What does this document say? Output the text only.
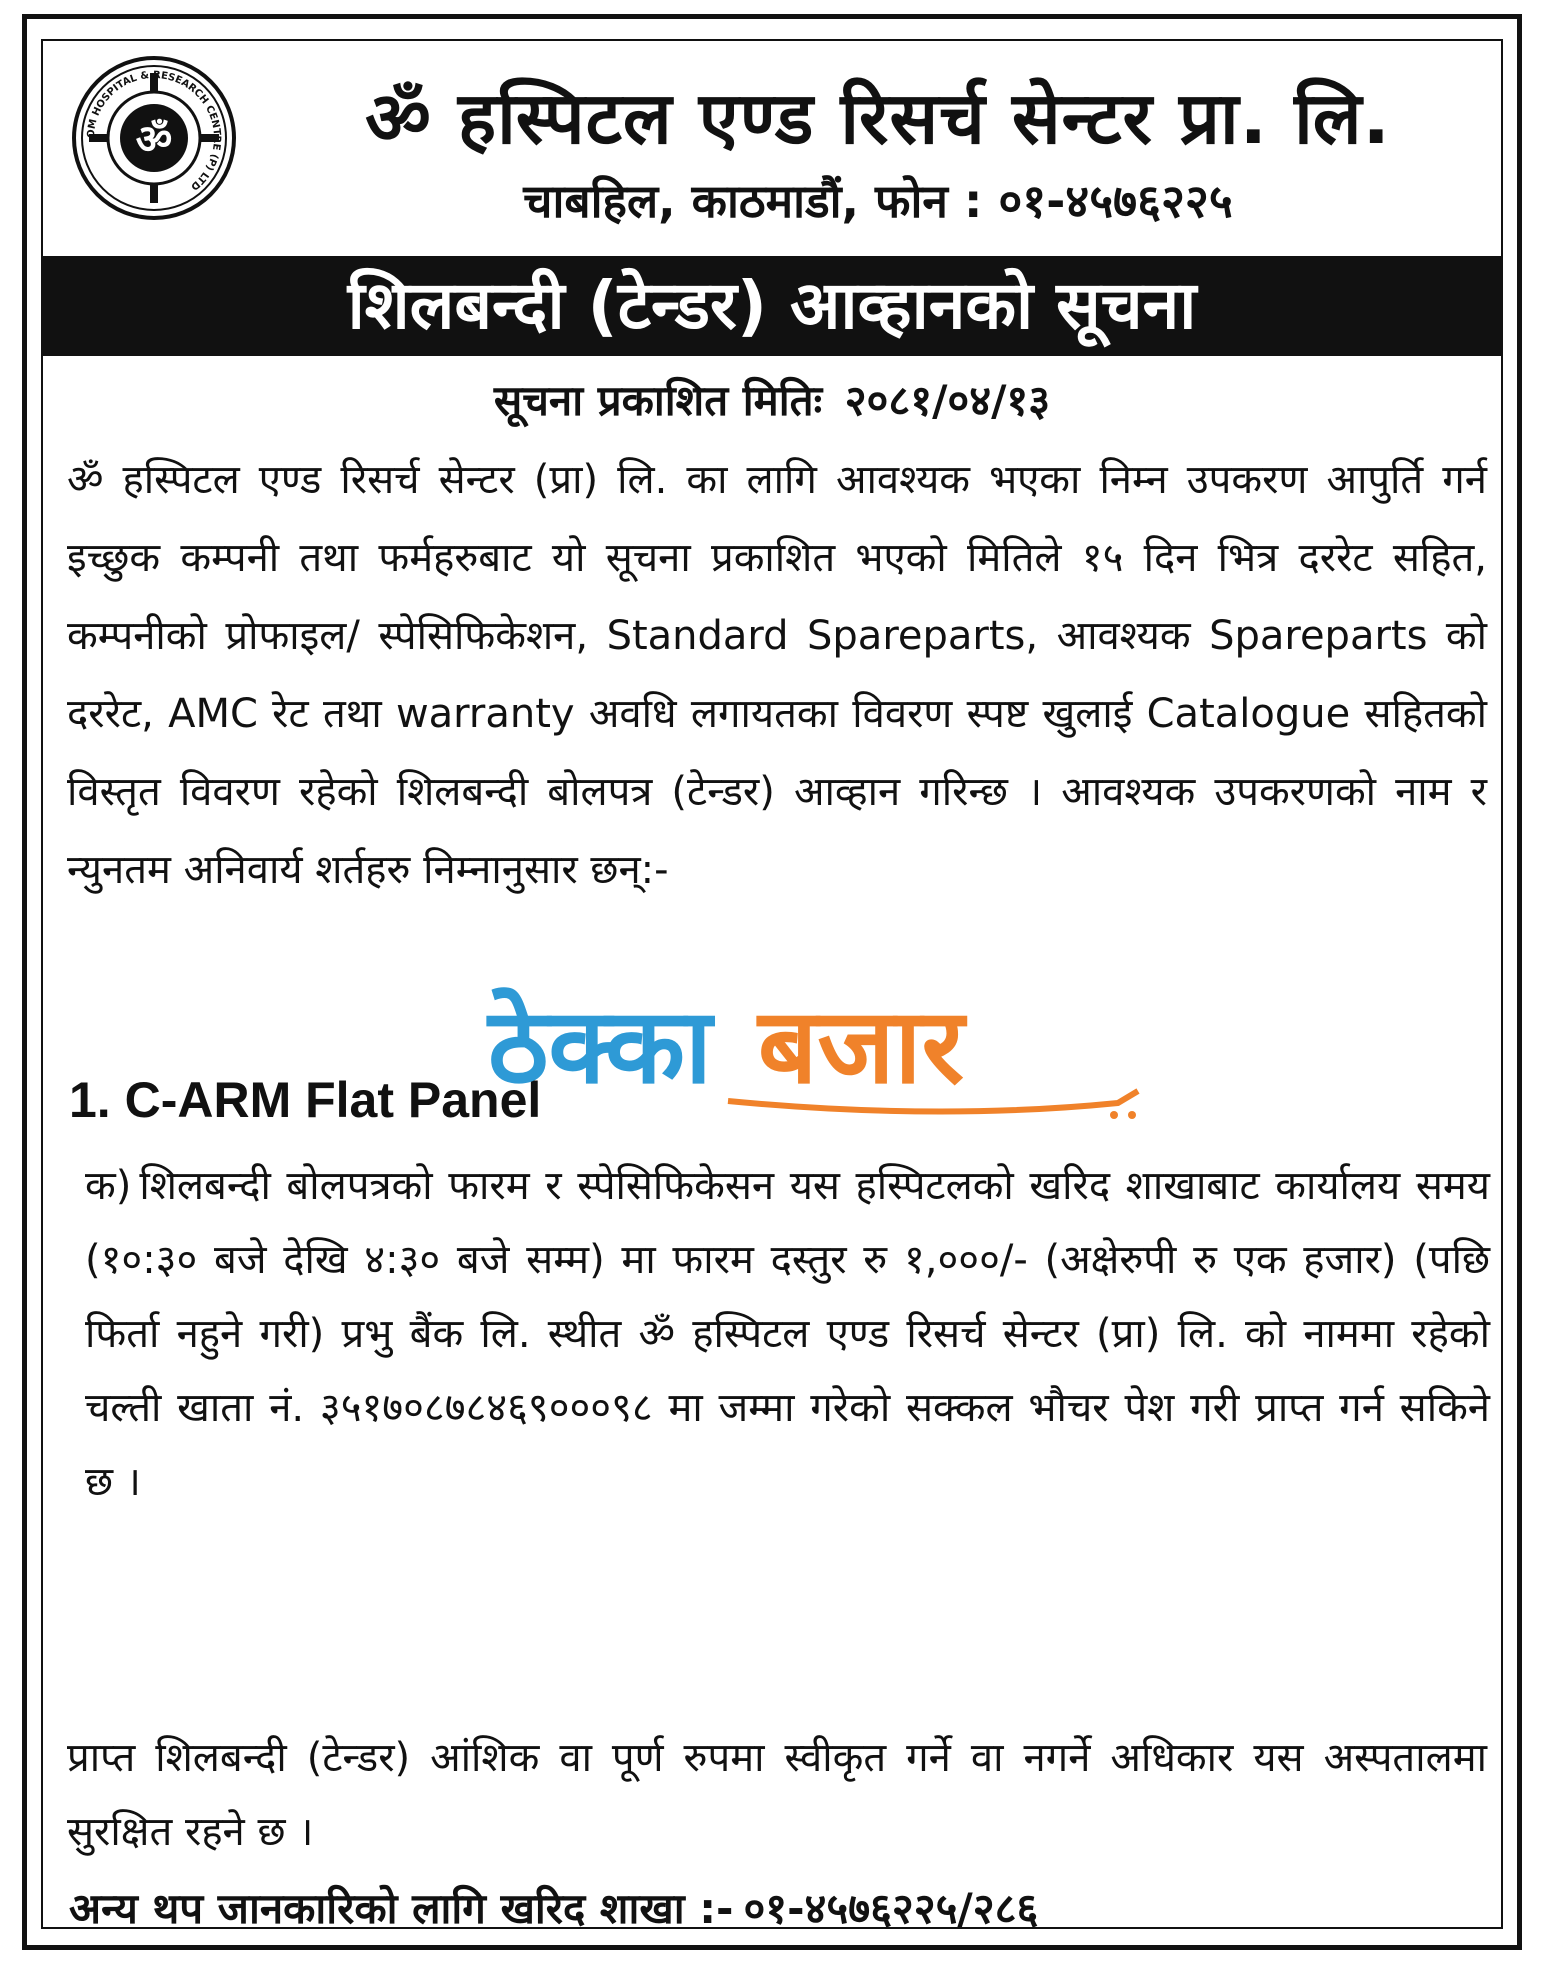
ॐ
OM HOSPITAL & RESEARCH CENTRE (P) LTD
ॐ हस्पिटल एण्ड रिसर्च सेन्टर प्रा. लि.
चाबहिल, काठमाडौं, फोन : ०१-४५७६२२५
शिलबन्दी (टेन्डर) आव्हानको सूचना
सूचना प्रकाशित मितिः २०८१/०४/१३
ॐ हस्पिटल एण्ड रिसर्च सेन्टर (प्रा) लि. का लागि आवश्यक भएका निम्न उपकरण आपुर्ति गर्न इच्छुक कम्पनी तथा फर्महरुबाट यो सूचना प्रकाशित भएको मितिले १५ दिन भित्र दररेट सहित, कम्पनीको प्रोफाइल/ स्पेसिफिकेशन, Standard Spareparts, आवश्यक Spareparts को दररेट, AMC रेट तथा warranty अवधि लगायतका विवरण स्पष्ट खुलाई Catalogue सहितको विस्तृत विवरण रहेको शिलबन्दी बोलपत्र (टेन्डर) आव्हान गरिन्छ । आवश्यक उपकरणको नाम र न्युनतम अनिवार्य शर्तहरु निम्नानुसार छन्:-
1. C-ARM Flat Panel
क) शिलबन्दी बोलपत्रको फारम र स्पेसिफिकेसन यस हस्पिटलको खरिद शाखाबाट कार्यालय समय (१०:३० बजे देखि ४:३० बजे सम्म) मा फारम दस्तुर रु १,०००/- (अक्षेरुपी रु एक हजार) (पछि फिर्ता नहुने गरी) प्रभु बैंक लि. स्थीत ॐ हस्पिटल एण्ड रिसर्च सेन्टर (प्रा) लि. को नाममा रहेको चल्ती खाता नं. ३५१७०८७८४६९०००९८ मा जम्मा गरेको सक्कल भौचर पेश गरी प्राप्त गर्न सकिने छ ।
प्राप्त शिलबन्दी (टेन्डर) आंशिक वा पूर्ण रुपमा स्वीकृत गर्ने वा नगर्ने अधिकार यस अस्पतालमा सुरक्षित रहने छ ।
अन्य थप जानकारिको लागि खरिद शाखा :- ०१-४५७६२२५/२८६
ठेक्का बजार
